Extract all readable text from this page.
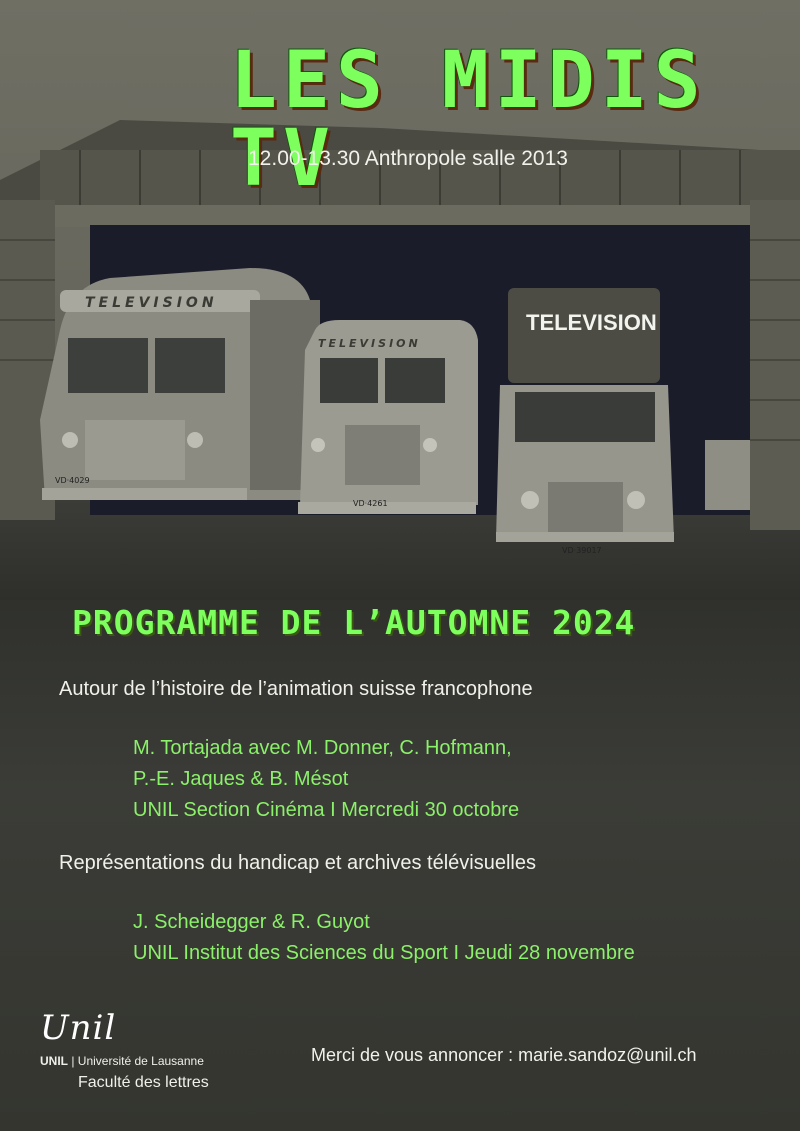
TELEVISION
TELEVISION
TELEVISION
VD·4029
VD·4261
VD·39017
LES MIDIS TV
12.00-13.30 Anthropole salle 2013
PROGRAMME DE L’AUTOMNE 2024
Autour de l’histoire de l’animation suisse francophone
M. Tortajada avec M. Donner, C. Hofmann,
P.-E. Jaques & B. Mésot
UNIL Section Cinéma I Mercredi 30 octobre
Représentations du handicap et archives télévisuelles
J. Scheidegger & R. Guyot
UNIL Institut des Sciences du Sport I Jeudi 28 novembre
Unil
UNIL | Université de Lausanne
Faculté des lettres
Merci de vous annoncer : marie.sandoz@unil.ch
